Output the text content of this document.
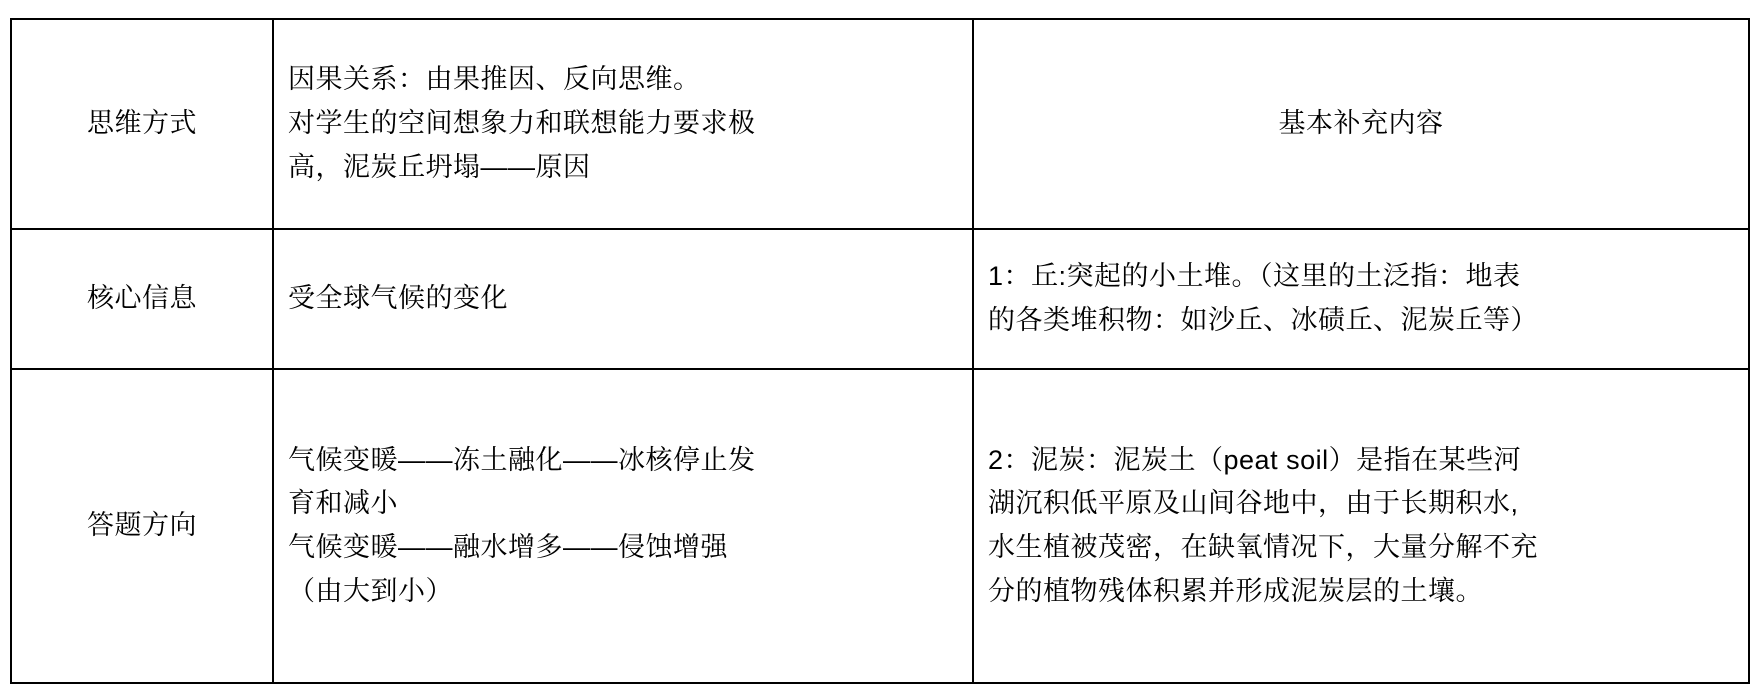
思维方式	因果关系：由果推因、反向思维。
对学生的空间想象力和联想能力要求极
高，泥炭丘坍塌——原因	基本补充内容

核心信息	受全球气候的变化	1：丘:突起的小土堆。（这里的土泛指：地表
的各类堆积物：如沙丘、冰碛丘、泥炭丘等）

答题方向	气候变暖——冻土融化——冰核停止发
育和减小
气候变暖——融水增多——侵蚀增强
（由大到小）	2：泥炭：泥炭土（peat soil）是指在某些河
湖沉积低平原及山间谷地中，由于长期积水,
水生植被茂密，在缺氧情况下，大量分解不充
分的植物残体积累并形成泥炭层的土壤。
